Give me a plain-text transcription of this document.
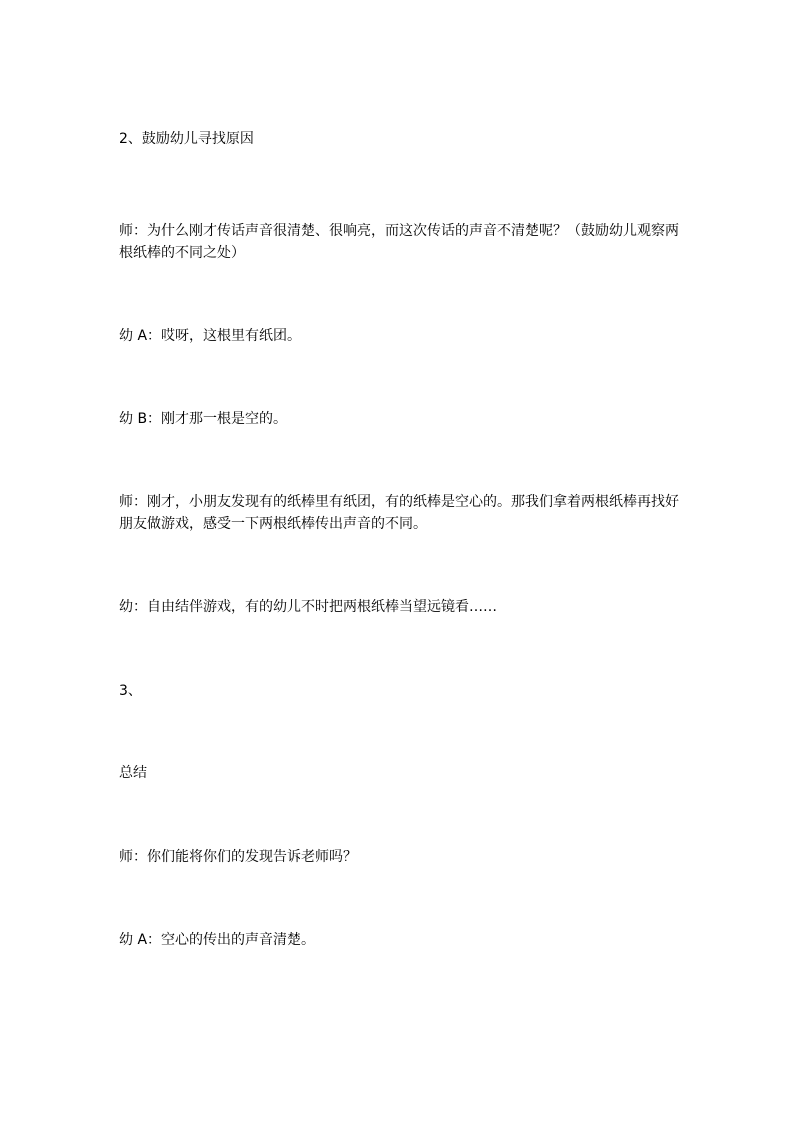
2、鼓励幼儿寻找原因

师：为什么刚才传话声音很清楚、很响亮，而这次传话的声音不清楚呢？（鼓励幼儿观察两根纸棒的不同之处）

幼 A：哎呀，这根里有纸团。

幼 B：刚才那一根是空的。

师：刚才，小朋友发现有的纸棒里有纸团，有的纸棒是空心的。那我们拿着两根纸棒再找好朋友做游戏，感受一下两根纸棒传出声音的不同。

幼：自由结伴游戏，有的幼儿不时把两根纸棒当望远镜看……

3、

总结

师：你们能将你们的发现告诉老师吗？

幼 A：空心的传出的声音清楚。
